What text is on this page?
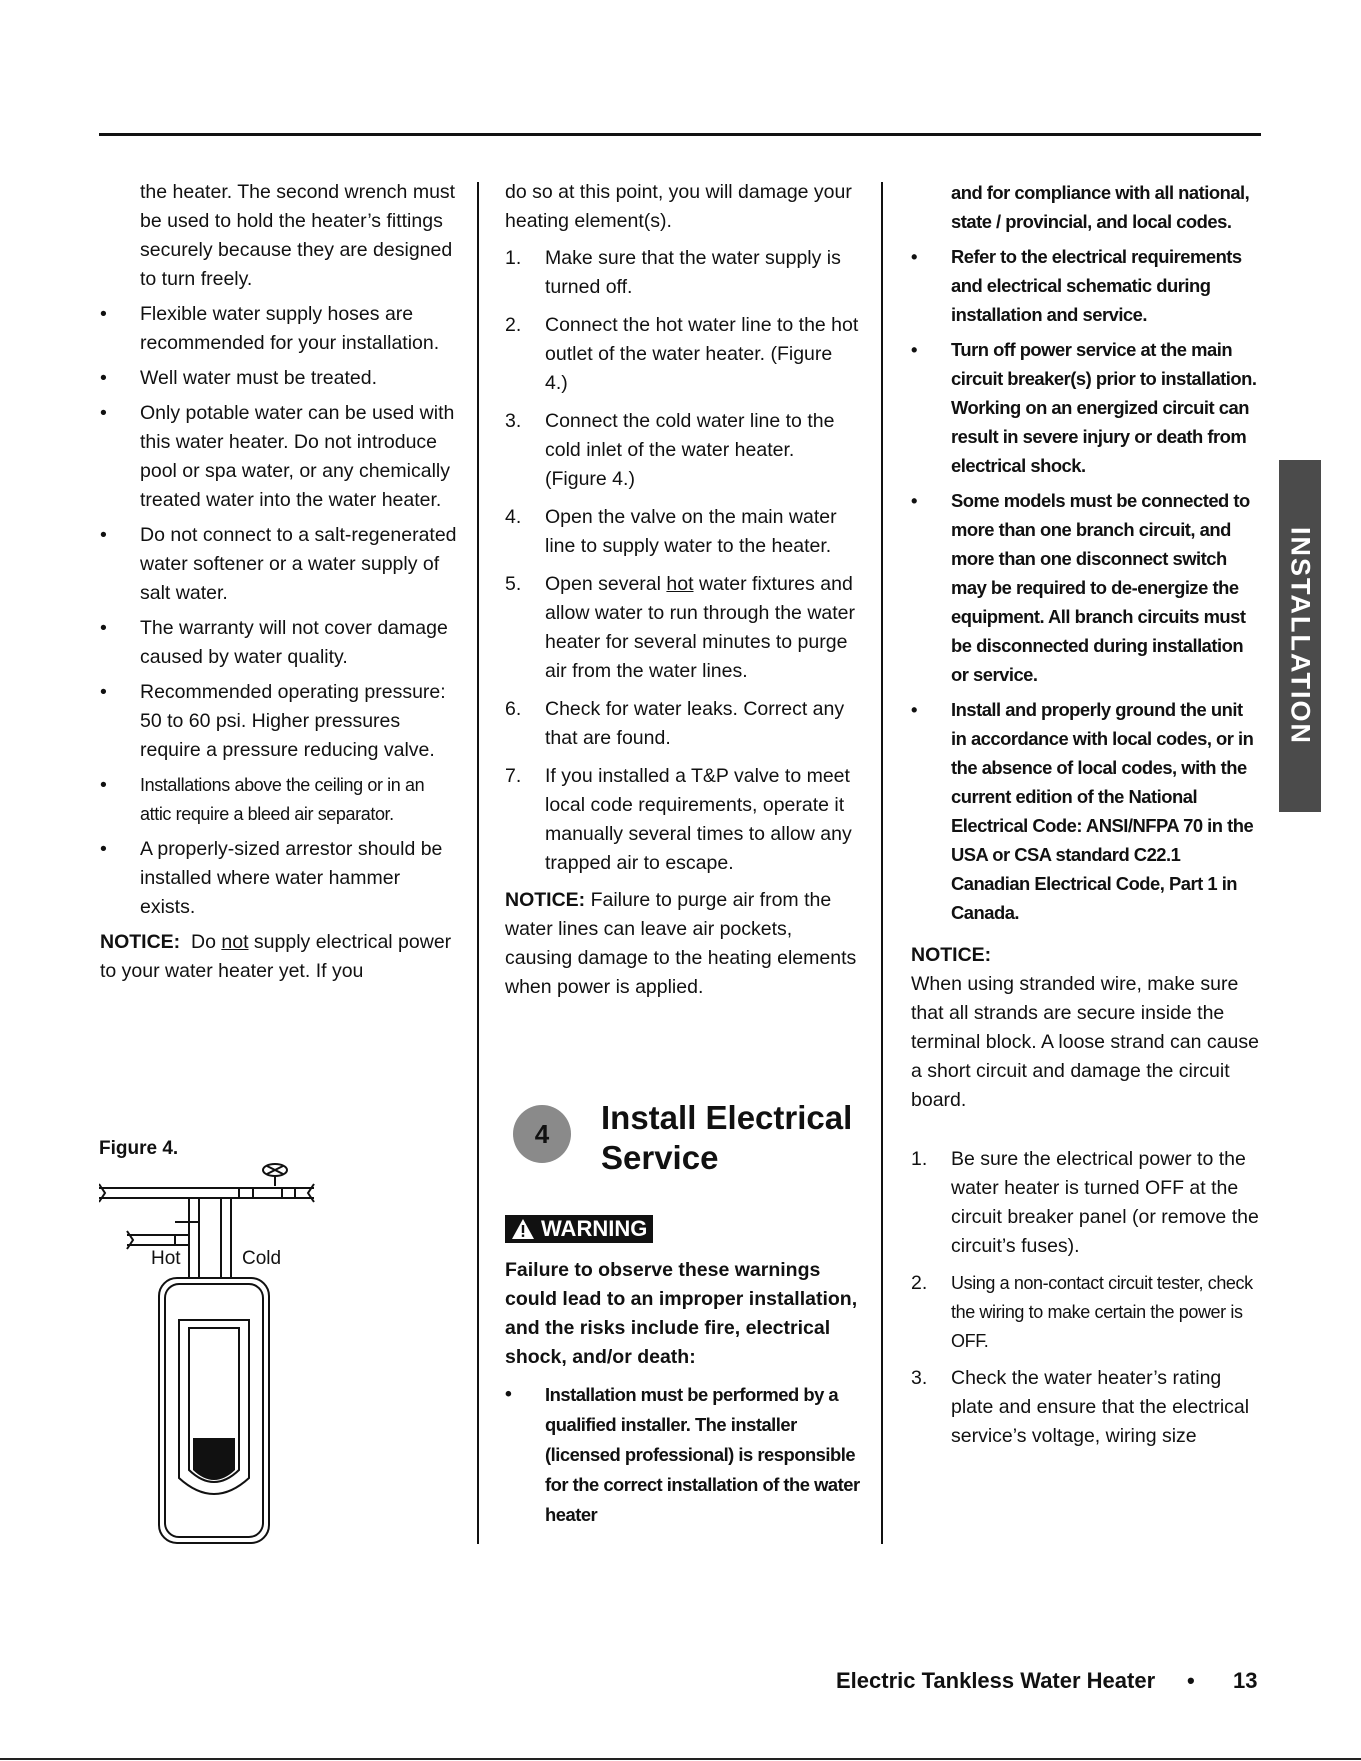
the heater. The second wrench must be used to hold the heater’s fittings securely because they are designed to turn freely.

• Flexible water supply hoses are recommended for your installation.
• Well water must be treated.
• Only potable water can be used with this water heater. Do not introduce pool or spa water, or any chemically treated water into the water heater.
• Do not connect to a salt-regenerated water softener or a water supply of salt water.
• The warranty will not cover damage caused by water quality.
• Recommended operating pressure: 50 to 60 psi. Higher pressures require a pressure reducing valve.
• Installations above the ceiling or in an attic require a bleed air separator.
• A properly-sized arrestor should be installed where water hammer exists.

NOTICE: Do not supply electrical power to your water heater yet. If you

Figure 4.
Hot	Cold

do so at this point, you will damage your heating element(s).

1. Make sure that the water supply is turned off.
2. Connect the hot water line to the hot outlet of the water heater. (Figure 4.)
3. Connect the cold water line to the cold inlet of the water heater. (Figure 4.)
4. Open the valve on the main water line to supply water to the heater.
5. Open several hot water fixtures and allow water to run through the water heater for several minutes to purge air from the water lines.
6. Check for water leaks. Correct any that are found.
7. If you installed a T&P valve to meet local code requirements, operate it manually several times to allow any trapped air to escape.

NOTICE: Failure to purge air from the water lines can leave air pockets, causing damage to the heating elements when power is applied.

4	Install Electrical Service
WARNING

Failure to observe these warnings could lead to an improper installation, and the risks include fire, electrical shock, and/or death:

• Installation must be performed by a qualified installer. The installer (licensed professional) is responsible for the correct installation of the water heater

and for compliance with all national, state / provincial, and local codes.

• Refer to the electrical requirements and electrical schematic during installation and service.
• Turn off power service at the main circuit breaker(s) prior to installation. Working on an energized circuit can result in severe injury or death from electrical shock.
• Some models must be connected to more than one branch circuit, and more than one disconnect switch may be required to de-energize the equipment. All branch circuits must be disconnected during installation or service.
• Install and properly ground the unit in accordance with local codes, or in the absence of local codes, with the current edition of the National Electrical Code: ANSI/NFPA 70 in the USA or CSA standard C22.1 Canadian Electrical Code, Part 1 in Canada.

NOTICE:

When using stranded wire, make sure that all strands are secure inside the terminal block. A loose strand can cause a short circuit and damage the circuit board.

1. Be sure the electrical power to the water heater is turned OFF at the circuit breaker panel (or remove the circuit’s fuses).
2. Using a non-contact circuit tester, check the wiring to make certain the power is OFF.
3. Check the water heater’s rating plate and ensure that the electrical service’s voltage, wiring size
INSTALLATION
Electric Tankless Water Heater • 13
